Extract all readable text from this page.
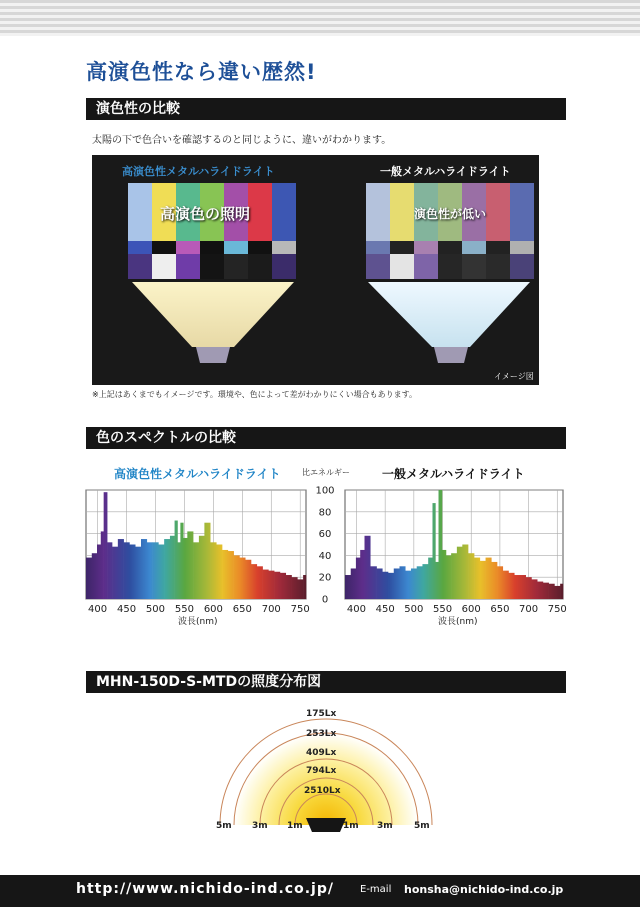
高演色性なら違い歴然!
演色性の比較
太陽の下で色合いを確認するのと同じように、違いがわかります。
高演色性メタルハライドライト
高演色の照明
一般メタルハライドライト
演色性が低い
イメージ図
※上記はあくまでもイメージです。環境や、色によって差がわかりにくい場合もあります。
色のスペクトルの比較
高演色性メタルハライドライト	比エネルギー	一般メタルハライドライト
400 450 500 550 600 650 700 750	400 450 500 550 600 650 700 750
0
20
40
60
80
100
波長(nm)	波長(nm)
MHN-150D-S-MTDの照度分布図
175Lx
253Lx
409Lx
794Lx
2510Lx
5m 3m 1m	1m 3m 5m
http://www.nichido-ind.co.jp/	E-mail honsha@nichido-ind.co.jp
